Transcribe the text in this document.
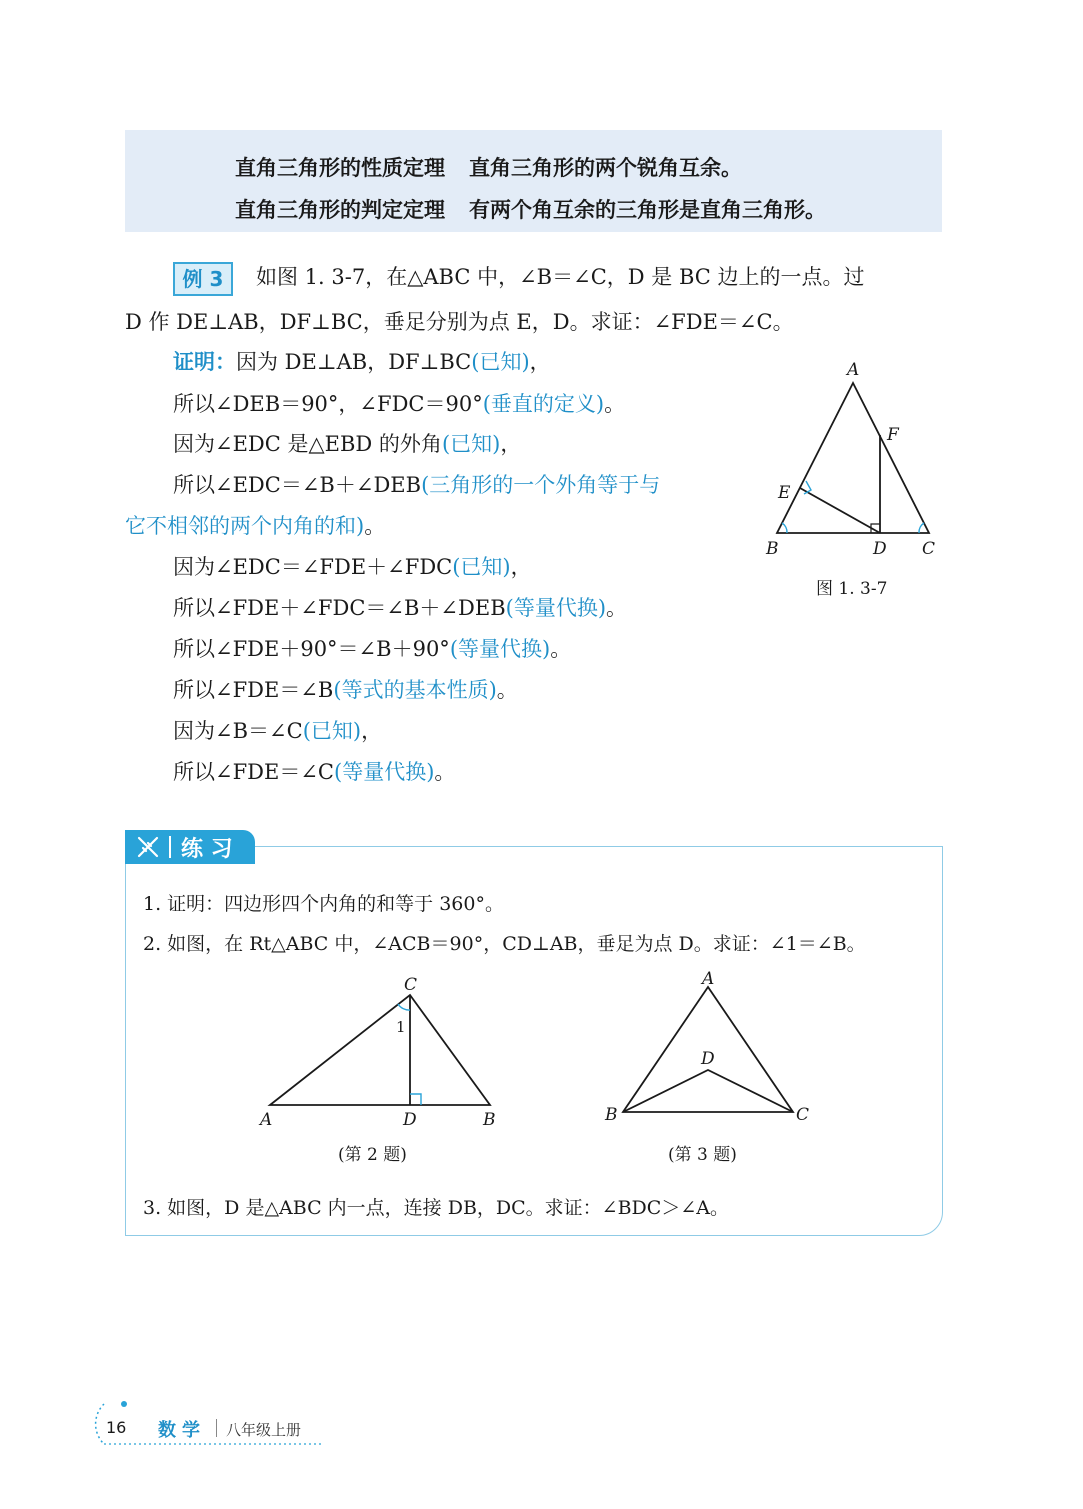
直角三角形的性质定理 直角三角形的两个锐角互余。
直角三角形的判定定理 有两个角互余的三角形是直角三角形。
例 3	如图 1. 3-7，在△ABC 中，∠B＝∠C，D 是 BC 边上的一点。过
D 作 DE⊥AB，DF⊥BC，垂足分别为点 E，D。求证：∠FDE＝∠C。
证明：因为 DE⊥AB，DF⊥BC(已知)，
所以∠DEB＝90°，∠FDC＝90°(垂直的定义)。
因为∠EDC 是△EBD 的外角(已知)，
所以∠EDC＝∠B＋∠DEB(三角形的一个外角等于与
它不相邻的两个内角的和)。
因为∠EDC＝∠FDE＋∠FDC(已知)，
所以∠FDE＋∠FDC＝∠B＋∠DEB(等量代换)。
所以∠FDE＋90°＝∠B＋90°(等量代换)。
所以∠FDE＝∠B(等式的基本性质)。
因为∠B＝∠C(已知)，
所以∠FDE＝∠C(等量代换)。
A
B	C
D
E
F
图 1. 3-7
练 习
1. 证明：四边形四个内角的和等于 360°。
2. 如图，在 Rt△ABC 中，∠ACB＝90°，CD⊥AB，垂足为点 D。求证：∠1＝∠B。
C
A	D	B
1
(第 2 题)
A
D
B	C
(第 3 题)
3. 如图，D 是△ABC 内一点，连接 DB，DC。求证：∠BDC＞∠A。
16 数学 八年级上册
